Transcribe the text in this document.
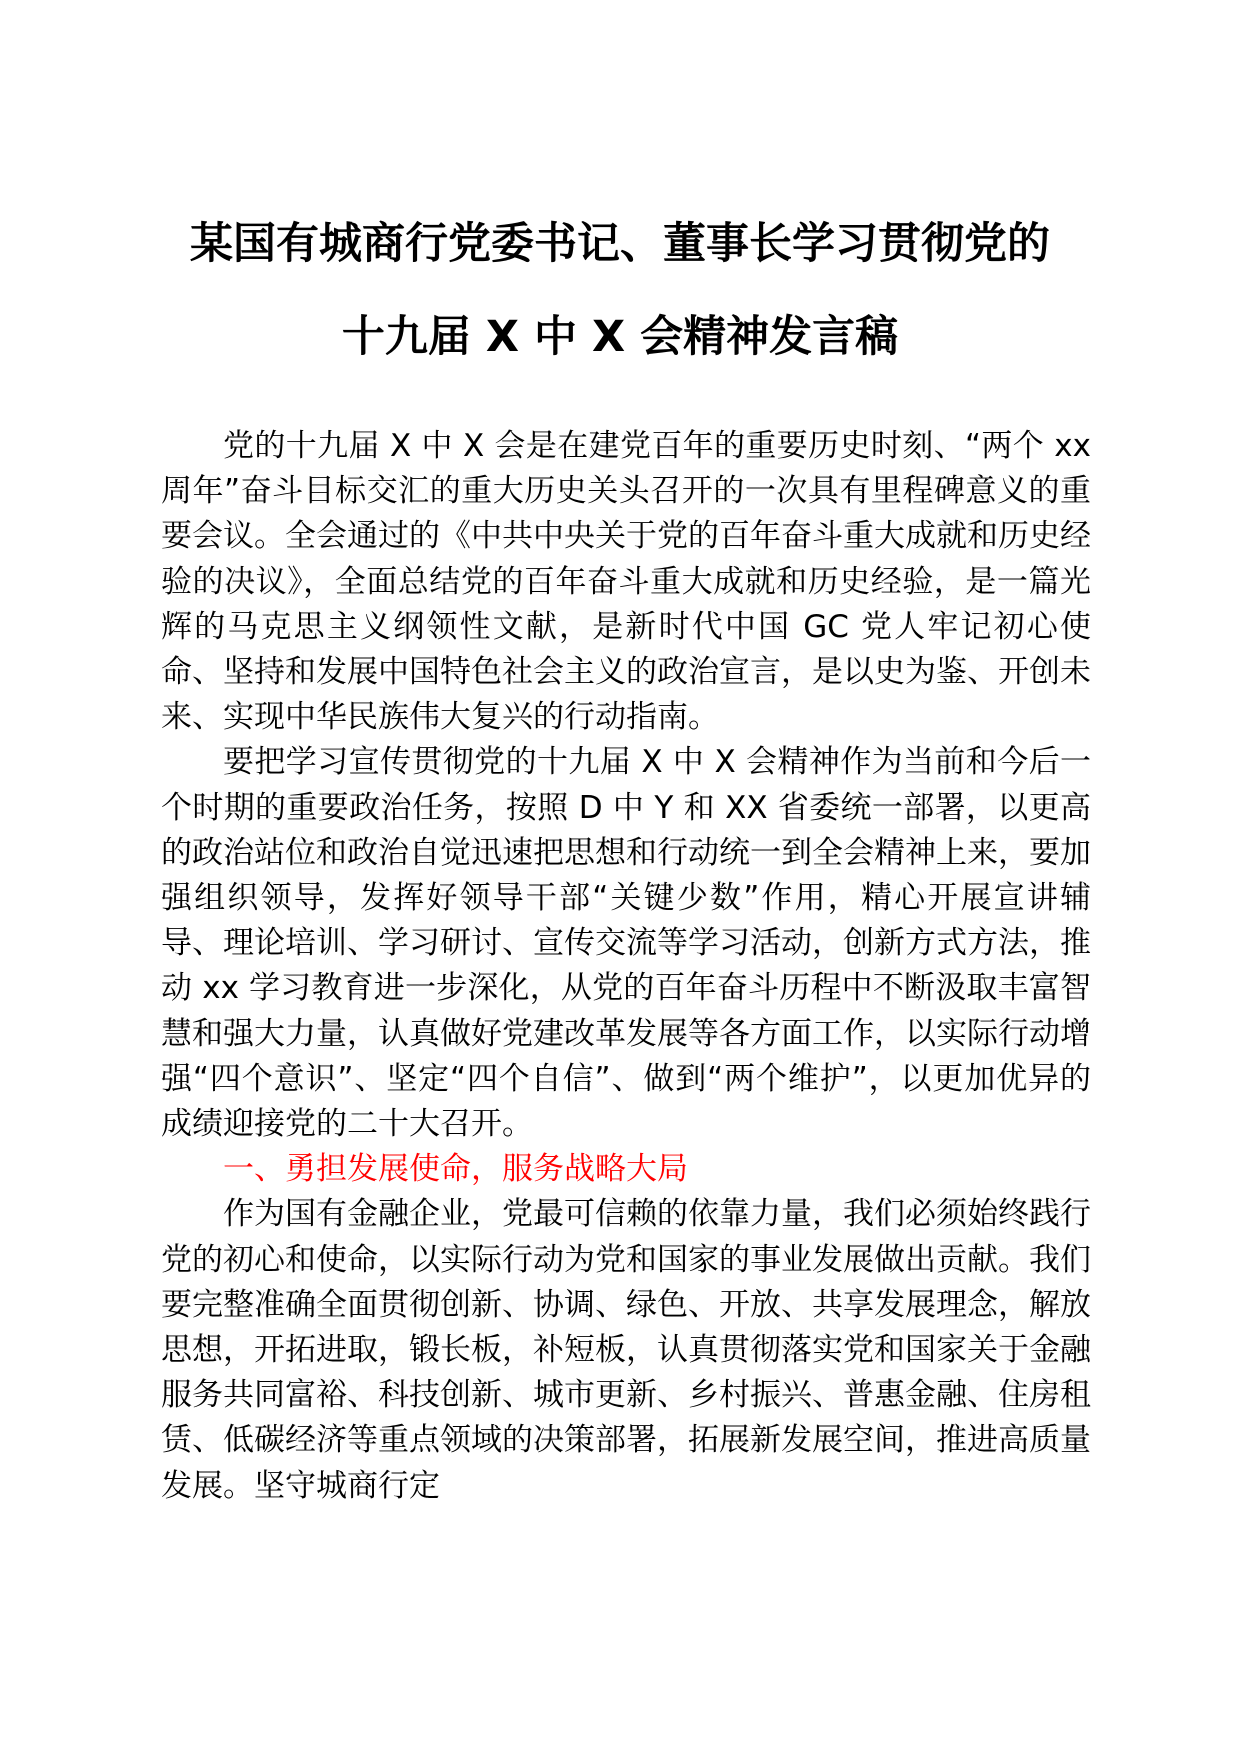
某国有城商行党委书记、董事长学习贯彻党的
十九届 X 中 X 会精神发言稿

党的十九届 X 中 X 会是在建党百年的重要历史时刻、“两个 xx 周年”奋斗目标交汇的重大历史关头召开的一次具有里程碑意义的重要会议。全会通过的《中共中央关于党的百年奋斗重大成就和历史经验的决议》，全面总结党的百年奋斗重大成就和历史经验，是一篇光辉的马克思主义纲领性文献，是新时代中国 GC 党人牢记初心使命、坚持和发展中国特色社会主义的政治宣言，是以史为鉴、开创未来、实现中华民族伟大复兴的行动指南。

要把学习宣传贯彻党的十九届 X 中 X 会精神作为当前和今后一个时期的重要政治任务，按照 D 中 Y 和 XX 省委统一部署，以更高的政治站位和政治自觉迅速把思想和行动统一到全会精神上来，要加强组织领导，发挥好领导干部“关键少数”作用，精心开展宣讲辅导、理论培训、学习研讨、宣传交流等学习活动，创新方式方法，推动 xx 学习教育进一步深化，从党的百年奋斗历程中不断汲取丰富智慧和强大力量，认真做好党建改革发展等各方面工作，以实际行动增强“四个意识”、坚定“四个自信”、做到“两个维护”，以更加优异的成绩迎接党的二十大召开。

一、勇担发展使命，服务战略大局

作为国有金融企业，党最可信赖的依靠力量，我们必须始终践行党的初心和使命，以实际行动为党和国家的事业发展做出贡献。我们要完整准确全面贯彻创新、协调、绿色、开放、共享发展理念，解放思想，开拓进取，锻长板，补短板，认真贯彻落实党和国家关于金融服务共同富裕、科技创新、城市更新、乡村振兴、普惠金融、住房租赁、低碳经济等重点领域的决策部署，拓展新发展空间，推进高质量发展。坚守城商行定
